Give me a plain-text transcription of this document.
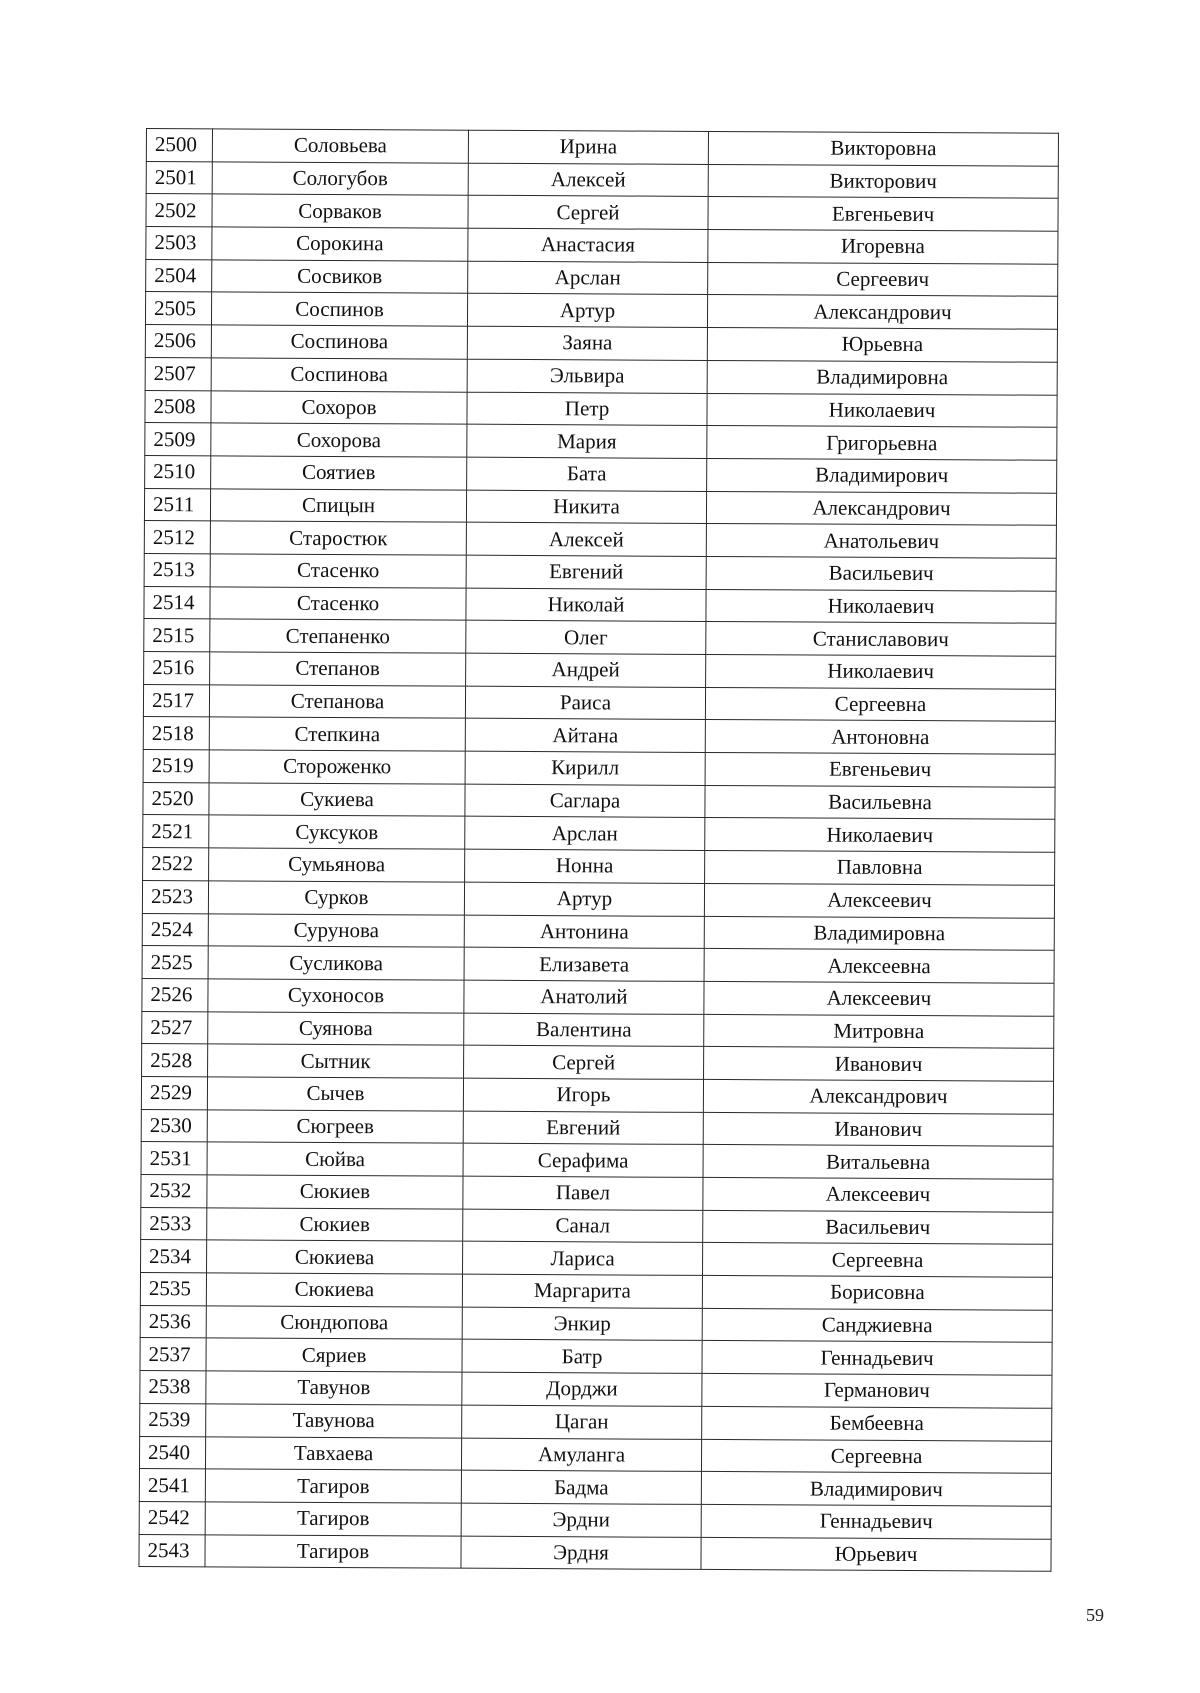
2500	Соловьева	Ирина	Викторовна
2501	Сологубов	Алексей	Викторович
2502	Сорваков	Сергей	Евгеньевич
2503	Сорокина	Анастасия	Игоревна
2504	Сосвиков	Арслан	Сергеевич
2505	Соспинов	Артур	Александрович
2506	Соспинова	Заяна	Юрьевна
2507	Соспинова	Эльвира	Владимировна
2508	Сохоров	Петр	Николаевич
2509	Сохорова	Мария	Григорьевна
2510	Соятиев	Бата	Владимирович
2511	Спицын	Никита	Александрович
2512	Старостюк	Алексей	Анатольевич
2513	Стасенко	Евгений	Васильевич
2514	Стасенко	Николай	Николаевич
2515	Степаненко	Олег	Станиславович
2516	Степанов	Андрей	Николаевич
2517	Степанова	Раиса	Сергеевна
2518	Степкина	Айтана	Антоновна
2519	Стороженко	Кирилл	Евгеньевич
2520	Сукиева	Саглара	Васильевна
2521	Суксуков	Арслан	Николаевич
2522	Сумьянова	Нонна	Павловна
2523	Сурков	Артур	Алексеевич
2524	Сурунова	Антонина	Владимировна
2525	Сусликова	Елизавета	Алексеевна
2526	Сухоносов	Анатолий	Алексеевич
2527	Суянова	Валентина	Митровна
2528	Сытник	Сергей	Иванович
2529	Сычев	Игорь	Александрович
2530	Сюгреев	Евгений	Иванович
2531	Сюйва	Серафима	Витальевна
2532	Сюкиев	Павел	Алексеевич
2533	Сюкиев	Санал	Васильевич
2534	Сюкиева	Лариса	Сергеевна
2535	Сюкиева	Маргарита	Борисовна
2536	Сюндюпова	Энкир	Санджиевна
2537	Сяриев	Батр	Геннадьевич
2538	Тавунов	Дорджи	Германович
2539	Тавунова	Цаган	Бембеевна
2540	Тавхаева	Амуланга	Сергеевна
2541	Тагиров	Бадма	Владимирович
2542	Тагиров	Эрдни	Геннадьевич
2543	Тагиров	Эрдня	Юрьевич
59
